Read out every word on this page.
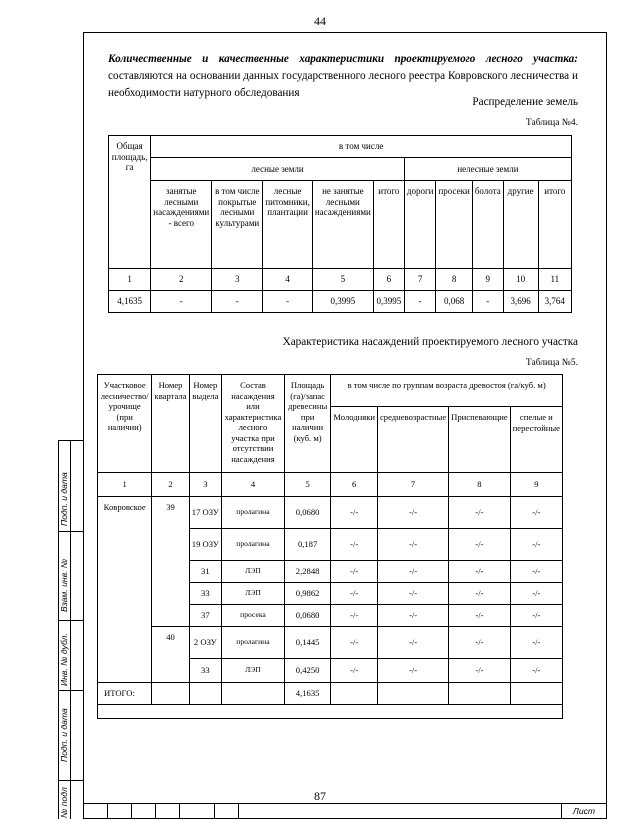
44
Количественные и качественные характеристики проектируемого лесного участка: составляются на основании данных государственного лесного реестра Ковровского лесничества и необходимости натурного обследования
Распределение земель
Таблица №4.
Общая площадь, га	в том числе									
	лесные земли					нелесные земли				
	занятые лесными насаждениями - всего	в том числе покрытые лесными культурами	лесные питомники, плантации	не занятые лесными насаждениями	итого	дороги	просеки	болота	другие	итого
1	2	3	4	5	6	7	8	9	10	11
4,1635	-	-	-	0,3995	0,3995	-	0,068	-	3,696	3,764
Характеристика насаждений проектируемого лесного участка
Таблица №5.
Участковое лесничество/урочище (при наличии)	Номер квартала	Номер выдела	Состав насаждения или характеристика лесного участка при отсутствии насаждения	Площадь (га)/запас древесины при наличии (куб. м)	в том числе по группам возраста древостоя (га/куб. м)			
					Молодняки	средневозрастные	Приспевающие	спелые и перестойные
1	2	3	4	5	6	7	8	9
Ковровское	39	17 ОЗУ	пролагина	0,0680	-/-	-/-	-/-	-/-
		19 ОЗУ	пролагина	0,187	-/-	-/-	-/-	-/-
		31	ЛЭП	2,2848	-/-	-/-	-/-	-/-
		33	ЛЭП	0,9862	-/-	-/-	-/-	-/-
		37	просека	0,0680	-/-	-/-	-/-	-/-
	40	2 ОЗУ	пролагина	0,1445	-/-	-/-	-/-	-/-
		33	ЛЭП	0,4250	-/-	-/-	-/-	-/-
ИТОГО:				4,1635				

Подп. и дата
Взам. инв. №
Инв. № дубл.
Подп. и дата
№ подл	Лист
87
